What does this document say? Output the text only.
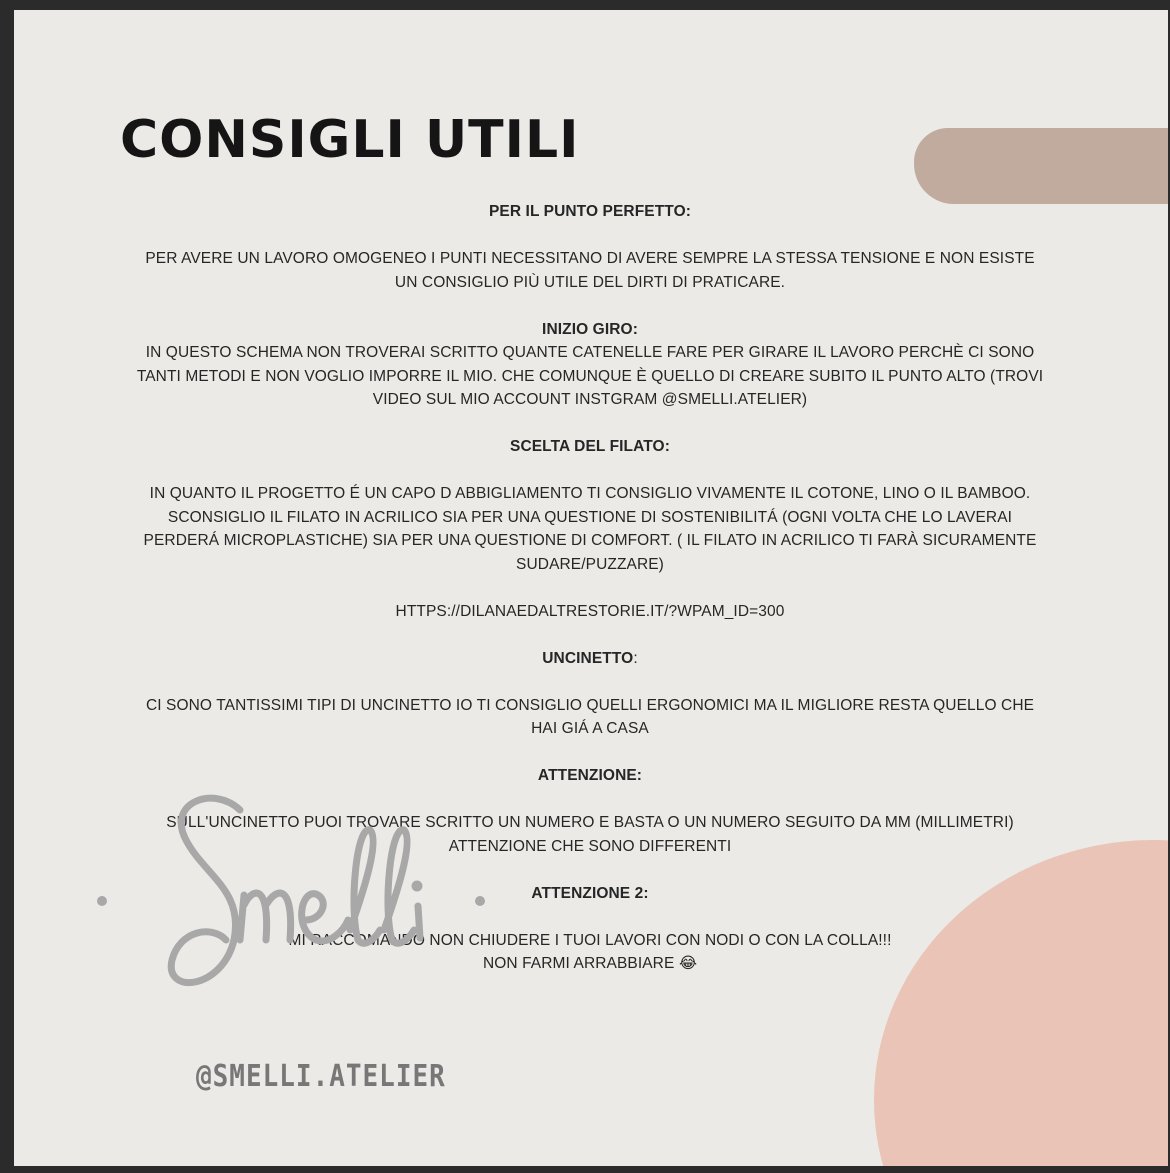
CONSIGLI UTILI

PER IL PUNTO PERFETTO:

PER AVERE UN LAVORO OMOGENEO I PUNTI NECESSITANO DI AVERE SEMPRE LA STESSA TENSIONE E NON ESISTE

UN CONSIGLIO PIÙ UTILE DEL DIRTI DI PRATICARE.

INIZIO GIRO:

IN QUESTO SCHEMA NON TROVERAI SCRITTO QUANTE CATENELLE FARE PER GIRARE IL LAVORO PERCHÈ CI SONO

TANTI METODI E NON VOGLIO IMPORRE IL MIO. CHE COMUNQUE È QUELLO DI CREARE SUBITO IL PUNTO ALTO (TROVI

VIDEO SUL MIO ACCOUNT INSTGRAM @SMELLI.ATELIER)

SCELTA DEL FILATO:

IN QUANTO IL PROGETTO É UN CAPO D ABBIGLIAMENTO TI CONSIGLIO VIVAMENTE IL COTONE, LINO O IL BAMBOO.

SCONSIGLIO IL FILATO IN ACRILICO SIA PER UNA QUESTIONE DI SOSTENIBILITÁ (OGNI VOLTA CHE LO LAVERAI

PERDERÁ MICROPLASTICHE) SIA PER UNA QUESTIONE DI COMFORT. ( IL FILATO IN ACRILICO TI FARÀ SICURAMENTE

SUDARE/PUZZARE)

HTTPS://DILANAEDALTRESTORIE.IT/?WPAM_ID=300

UNCINETTO:

CI SONO TANTISSIMI TIPI DI UNCINETTO IO TI CONSIGLIO QUELLI ERGONOMICI MA IL MIGLIORE RESTA QUELLO CHE

HAI GIÁ A CASA

ATTENZIONE:

SULL'UNCINETTO PUOI TROVARE SCRITTO UN NUMERO E BASTA O UN NUMERO SEGUITO DA MM (MILLIMETRI)

ATTENZIONE CHE SONO DIFFERENTI

ATTENZIONE 2:

MI RACCOMANDO NON CHIUDERE I TUOI LAVORI CON NODI O CON LA COLLA!!!

NON FARMI ARRABBIARE 😂

@SMELLI.ATELIER
